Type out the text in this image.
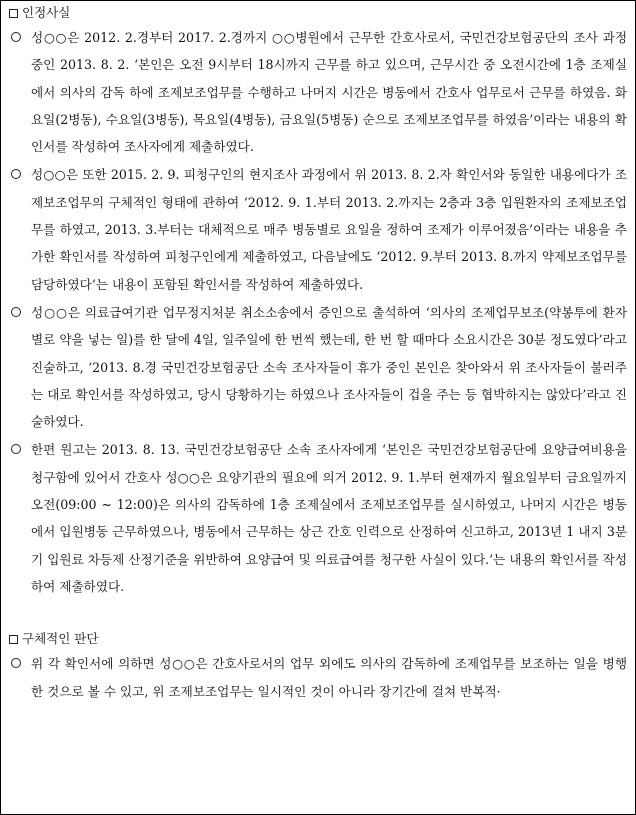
인정사실
성○○은 2012. 2.경부터 2017. 2.경까지 ○○병원에서 근무한 간호사로서, 국민건강보험공단의 조사 과정 중인 2013. 8. 2. ‘본인은 오전 9시부터 18시까지 근무를 하고 있으며, 근무시간 중 오전시간에 1층 조제실에서 의사의 감독 하에 조제보조업무를 수행하고 나머지 시간은 병동에서 간호사 업무로서 근무를 하였음. 화요일(2병동), 수요일(3병동), 목요일(4병동), 금요일(5병동) 순으로 조제보조업무를 하였음’이라는 내용의 확인서를 작성하여 조사자에게 제출하였다.
성○○은 또한 2015. 2. 9. 피청구인의 현지조사 과정에서 위 2013. 8. 2.자 확인서와 동일한 내용에다가 조제보조업무의 구체적인 형태에 관하여 ‘2012. 9. 1.부터 2013. 2.까지는 2층과 3층 입원환자의 조제보조업무를 하였고, 2013. 3.부터는 대체적으로 매주 병동별로 요일을 정하여 조제가 이루어졌음’이라는 내용을 추가한 확인서를 작성하여 피청구인에게 제출하였고, 다음날에도 ‘2012. 9.부터 2013. 8.까지 약제보조업무를 담당하였다’는 내용이 포함된 확인서를 작성하여 제출하였다.
성○○은 의료급여기관 업무정지처분 취소소송에서 증인으로 출석하여 ‘의사의 조제업무보조(약봉투에 환자별로 약을 넣는 일)를 한 달에 4일, 일주일에 한 번씩 했는데, 한 번 할 때마다 소요시간은 30분 정도였다’라고 진술하고, ‘2013. 8.경 국민건강보험공단 소속 조사자들이 휴가 중인 본인은 찾아와서 위 조사자들이 불러주는 대로 확인서를 작성하였고, 당시 당황하기는 하였으나 조사자들이 겁을 주는 등 협박하지는 않았다’라고 진술하였다.
한편 원고는 2013. 8. 13. 국민건강보험공단 소속 조사자에게 ‘본인은 국민건강보험공단에 요양급여비용을 청구함에 있어서 간호사 성○○은 요양기관의 필요에 의거 2012. 9. 1.부터 현재까지 월요일부터 금요일까지 오전(09:00 ~ 12:00)은 의사의 감독하에 1층 조제실에서 조제보조업무를 실시하였고, 나머지 시간은 병동에서 입원병동 근무하였으나, 병동에서 근무하는 상근 간호 인력으로 산정하여 신고하고, 2013년 1 내지 3분기 입원료 차등제 산정기준을 위반하여 요양급여 및 의료급여를 청구한 사실이 있다.’는 내용의 확인서를 작성하여 제출하였다.
구체적인 판단
위 각 확인서에 의하면 성○○은 간호사로서의 업무 외에도 의사의 감독하에 조제업무를 보조하는 일을 병행한 것으로 볼 수 있고, 위 조제보조업무는 일시적인 것이 아니라 장기간에 걸쳐 반복적·
